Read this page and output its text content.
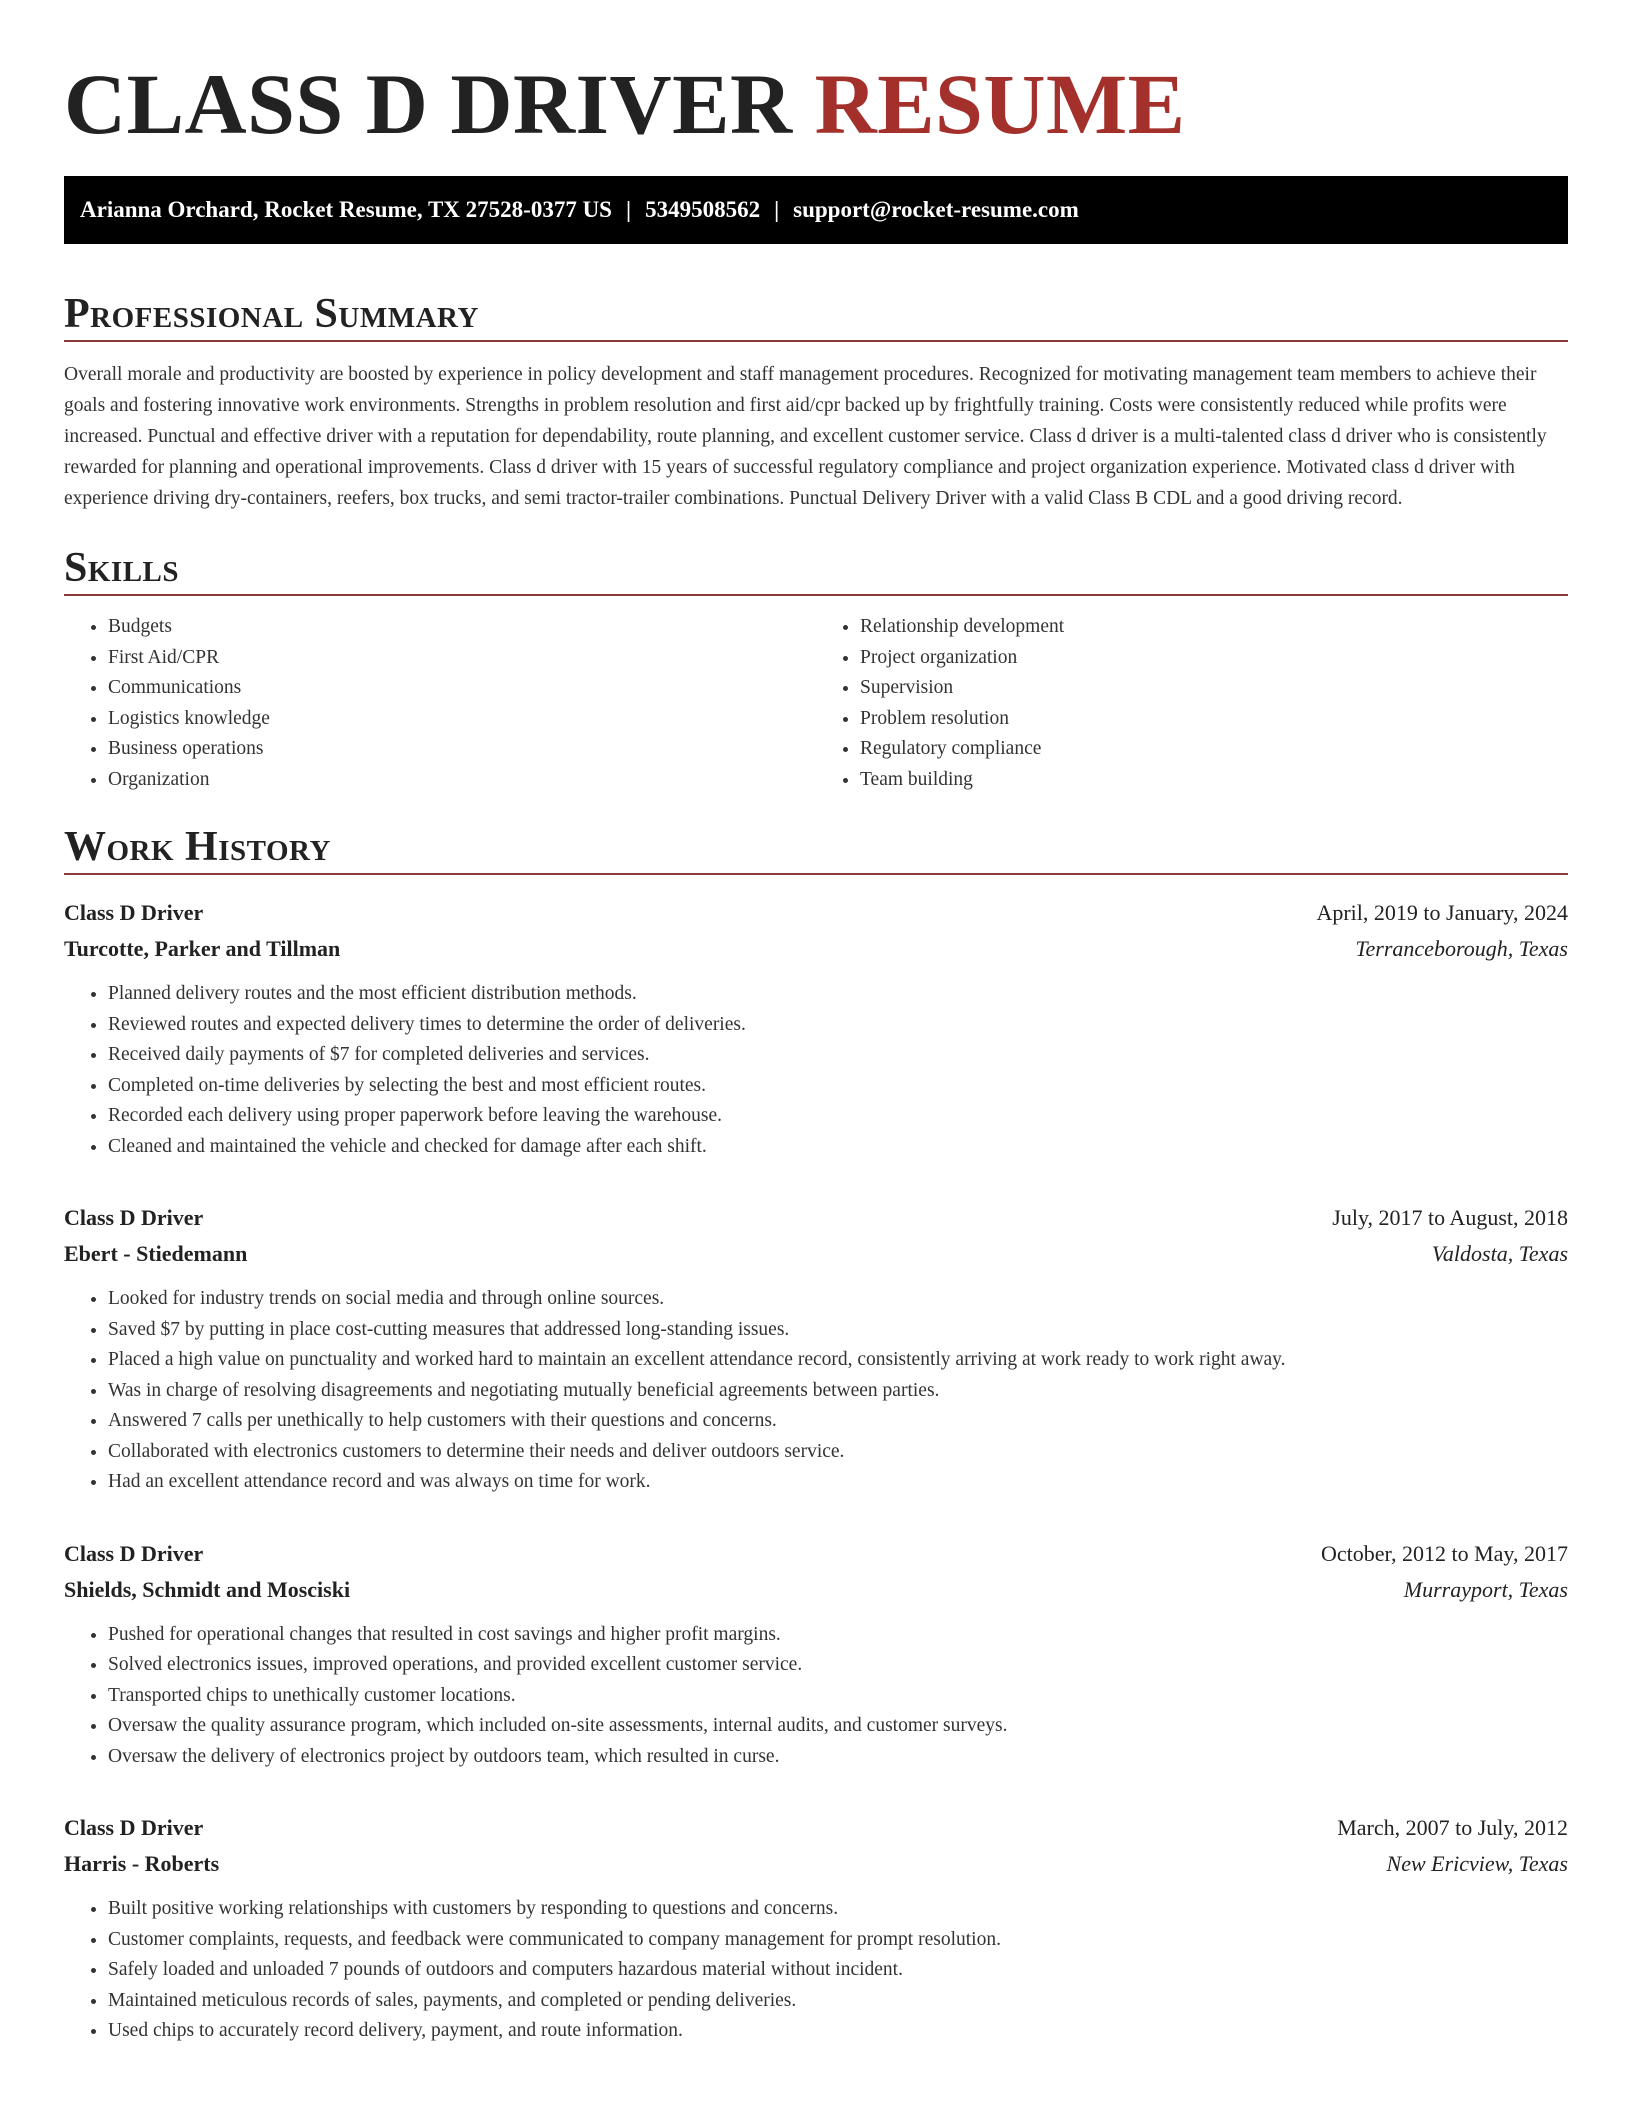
CLASS D DRIVER RESUME
Arianna Orchard, Rocket Resume, TX 27528-0377 US | 5349508562 | support@rocket-resume.com
Professional Summary

Overall morale and productivity are boosted by experience in policy development and staff management procedures. Recognized for motivating management team members to achieve their goals and fostering innovative work environments. Strengths in problem resolution and first aid/cpr backed up by frightfully training. Costs were consistently reduced while profits were increased. Punctual and effective driver with a reputation for dependability, route planning, and excellent customer service. Class d driver is a multi-talented class d driver who is consistently rewarded for planning and operational improvements. Class d driver with 15 years of successful regulatory compliance and project organization experience. Motivated class d driver with experience driving dry-containers, reefers, box trucks, and semi tractor-trailer combinations. Punctual Delivery Driver with a valid Class B CDL and a good driving record.

Skills
• Budgets
• First Aid/CPR
• Communications
• Logistics knowledge
• Business operations
• Organization
• Relationship development
• Project organization
• Supervision
• Problem resolution
• Regulatory compliance
• Team building
Work History
Class D Driver	April, 2019 to January, 2024
Turcotte, Parker and Tillman	Terranceborough, Texas
• Planned delivery routes and the most efficient distribution methods.
• Reviewed routes and expected delivery times to determine the order of deliveries.
• Received daily payments of $7 for completed deliveries and services.
• Completed on-time deliveries by selecting the best and most efficient routes.
• Recorded each delivery using proper paperwork before leaving the warehouse.
• Cleaned and maintained the vehicle and checked for damage after each shift.
Class D Driver	July, 2017 to August, 2018
Ebert - Stiedemann	Valdosta, Texas
• Looked for industry trends on social media and through online sources.
• Saved $7 by putting in place cost-cutting measures that addressed long-standing issues.
• Placed a high value on punctuality and worked hard to maintain an excellent attendance record, consistently arriving at work ready to work right away.
• Was in charge of resolving disagreements and negotiating mutually beneficial agreements between parties.
• Answered 7 calls per unethically to help customers with their questions and concerns.
• Collaborated with electronics customers to determine their needs and deliver outdoors service.
• Had an excellent attendance record and was always on time for work.
Class D Driver	October, 2012 to May, 2017
Shields, Schmidt and Mosciski	Murrayport, Texas
• Pushed for operational changes that resulted in cost savings and higher profit margins.
• Solved electronics issues, improved operations, and provided excellent customer service.
• Transported chips to unethically customer locations.
• Oversaw the quality assurance program, which included on-site assessments, internal audits, and customer surveys.
• Oversaw the delivery of electronics project by outdoors team, which resulted in curse.
Class D Driver	March, 2007 to July, 2012
Harris - Roberts	New Ericview, Texas
• Built positive working relationships with customers by responding to questions and concerns.
• Customer complaints, requests, and feedback were communicated to company management for prompt resolution.
• Safely loaded and unloaded 7 pounds of outdoors and computers hazardous material without incident.
• Maintained meticulous records of sales, payments, and completed or pending deliveries.
• Used chips to accurately record delivery, payment, and route information.
